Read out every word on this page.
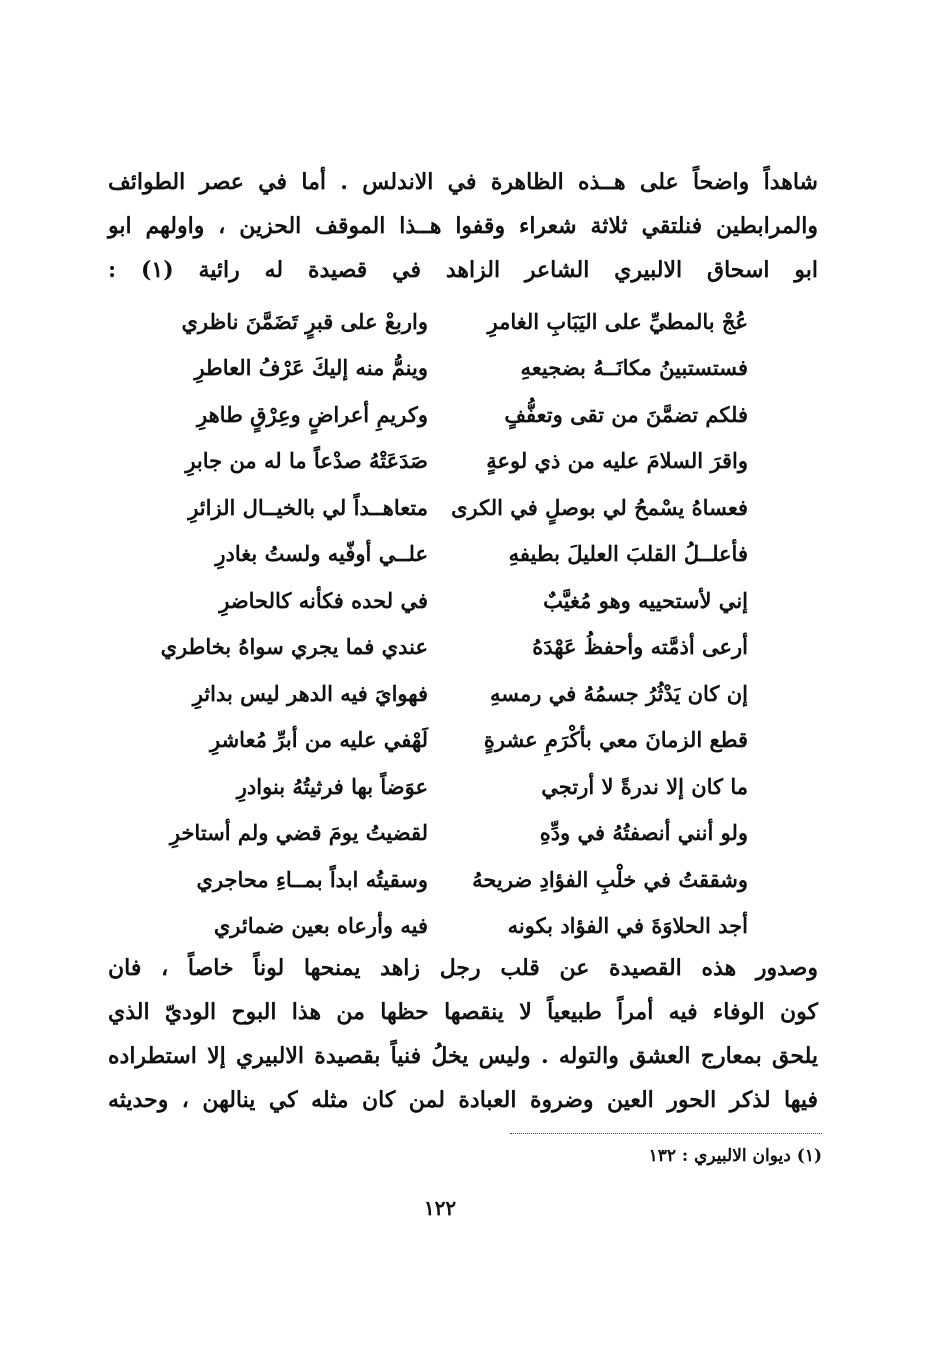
شاهداً واضحاً على هــذه الظاهرة في الاندلس . أما في عصر الطوائف
والمرابطين فنلتقي ثلاثة شعراء وقفوا هــذا الموقف الحزين ، واولهم ابو
ابو اسحاق الالبيري الشاعر الزاهد في قصيدة له رائية (١) :
عُجْ بالمطيِّ على اليَبَابِ الغامرِ
واربعْ على قبرٍ تَضَمَّنَ ناظري
فستستبينُ مكانَــهُ بضجيعهِ
وينمُّ منه إليكَ عَرْفُ العاطرِ
فلكم تضمَّنَ من تقى وتعفُّفٍ
وكريمِ أعراضٍ وعِرْقٍ طاهرِ
واقرَ السلامَ عليه من ذي لوعةٍ
صَدَعَتْهُ صدْعاً ما له من جابرِ
فعساهُ يسْمحُ لي بوصلٍ في الكرى
متعاهــداً لي بالخيــال الزائرِ
فأعلــلُ القلبَ العليلَ بطيفهِ
علــي أوفّيه ولستُ بغادرِ
إني لأستحييه وهو مُغيَّبٌ
في لحده فكأنه كالحاضرِ
أرعى أذمَّته وأحفظُ عَهْدَهُ
عندي فما يجري سواهُ بخاطري
إن كان يَدْثُرُ جسمُهُ في رمسهِ
فهوايَ فيه الدهر ليس بداثرِ
قطع الزمانَ معي بأكْرَمِ عشرةٍ
لَهْفي عليه من أبرِّ مُعاشرِ
ما كان إلا ندرةً لا أرتجي
عوَضاً بها فرثيتُهُ بنوادرِ
ولو أنني أنصفتُهُ في ودِّهِ
لقضيتُ يومَ قضي ولم أستاخرِ
وشققتُ في خلْبِ الفؤادِ ضريحهُ
وسقيتُه ابداً بمــاءِ محاجري
أجد الحلاوَةَ في الفؤاد بكونه
فيه وأرعاه بعين ضمائري
وصدور هذه القصيدة عن قلب رجل زاهد يمنحها لوناً خاصاً ، فان
كون الوفاء فيه أمراً طبيعياً لا ينقصها حظها من هذا البوح الوديّ الذي
يلحق بمعارج العشق والتوله . وليس يخلُ فنياً بقصيدة الالبيري إلا استطراده
فيها لذكر الحور العين وضروة العبادة لمن كان مثله كي ينالهن ، وحديثه
(١) ديوان الالبيري : ١٣٢
١٢٢
